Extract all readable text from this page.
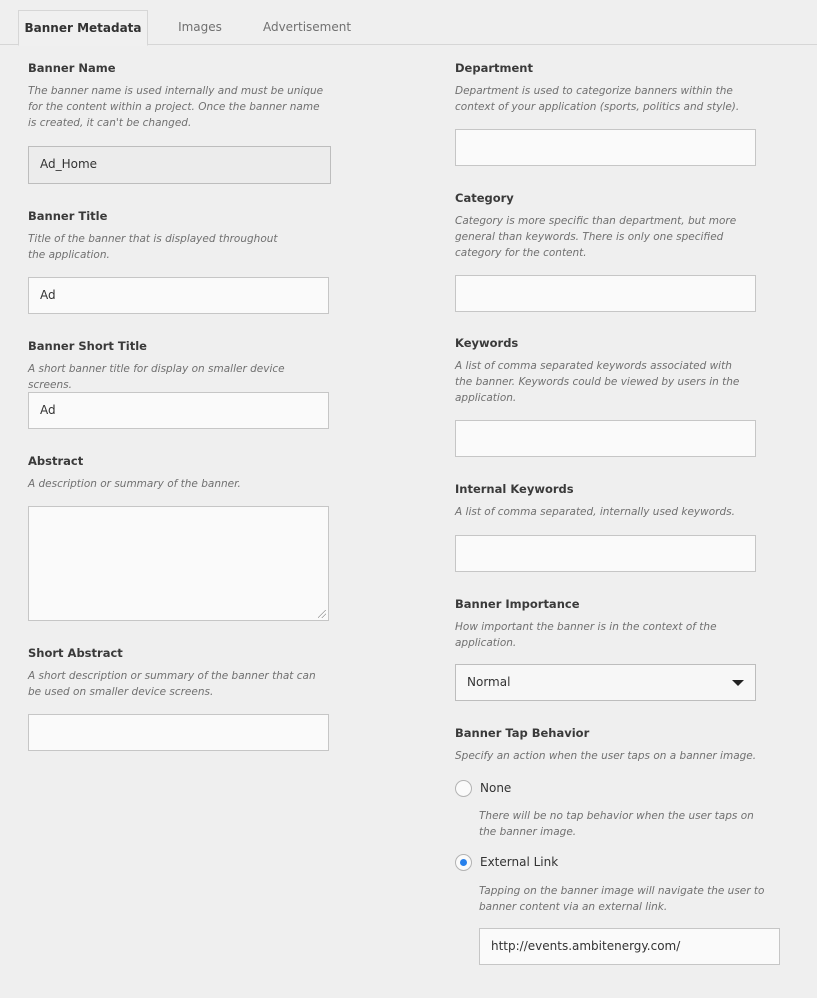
Banner Metadata	Images	Advertisement
Banner Name
The banner name is used internally and must be unique for the content within a project. Once the banner name is created, it can't be changed.
Ad_Home
Banner Title
Title of the banner that is displayed throughout the application.
Ad
Banner Short Title
A short banner title for display on smaller device screens.
Ad
Abstract
A description or summary of the banner.
Short Abstract
A short description or summary of the banner that can be used on smaller device screens.
Department
Department is used to categorize banners within the context of your application (sports, politics and style).
Category
Category is more specific than department, but more general than keywords. There is only one specified category for the content.
Keywords
A list of comma separated keywords associated with the banner. Keywords could be viewed by users in the application.
Internal Keywords
A list of comma separated, internally used keywords.
Banner Importance
How important the banner is in the context of the application.
Normal
Banner Tap Behavior
Specify an action when the user taps on a banner image.
None
There will be no tap behavior when the user taps on the banner image.
External Link
Tapping on the banner image will navigate the user to banner content via an external link.
http://events.ambitenergy.com/
